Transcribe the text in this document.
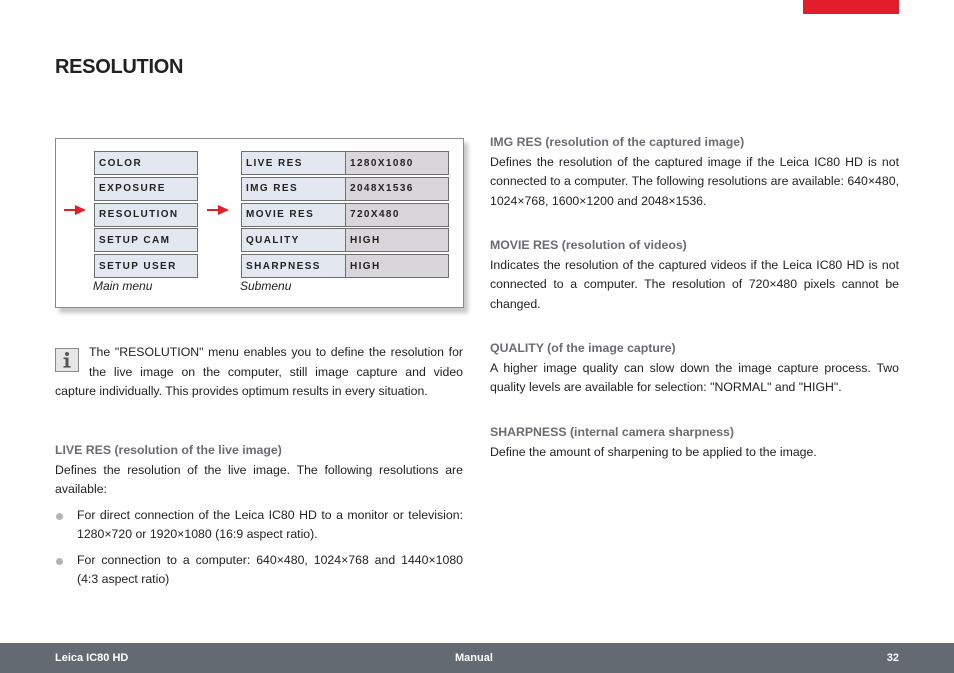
RESOLUTION
COLOR
EXPOSURE
RESOLUTION
SETUP CAM
SETUP USER
LIVE RES	1280X1080
IMG RES	2048X1536
MOVIE RES	720X480
QUALITY	HIGH
SHARPNESS	HIGH
Main menu	Submenu

The "RESOLUTION" menu enables you to define the resolution for the live image on the computer, still image capture and video capture individually. This provides optimum results in every situation.

LIVE RES (resolution of the live image)

Defines the resolution of the live image. The following resolutions are available:

For direct connection of the Leica IC80 HD to a monitor or television: 1280×720 or 1920×1080 (16:9 aspect ratio).
For connection to a computer: 640×480, 1024×768 and 1440×1080 (4:3 aspect ratio)
IMG RES (resolution of the captured image)

Defines the resolution of the captured image if the Leica IC80 HD is not connected to a computer. The following resolutions are available: 640×480, 1024×768, 1600×1200 and 2048×1536.

MOVIE RES (resolution of videos)

Indicates the resolution of the captured videos if the Leica IC80 HD is not connected to a computer. The resolution of 720×480 pixels cannot be changed.

QUALITY (of the image capture)

A higher image quality can slow down the image capture process. Two quality levels are available for selection: "NORMAL" and "HIGH".

SHARPNESS (internal camera sharpness)

Define the amount of sharpening to be applied to the image.

Leica IC80 HD	Manual	32
